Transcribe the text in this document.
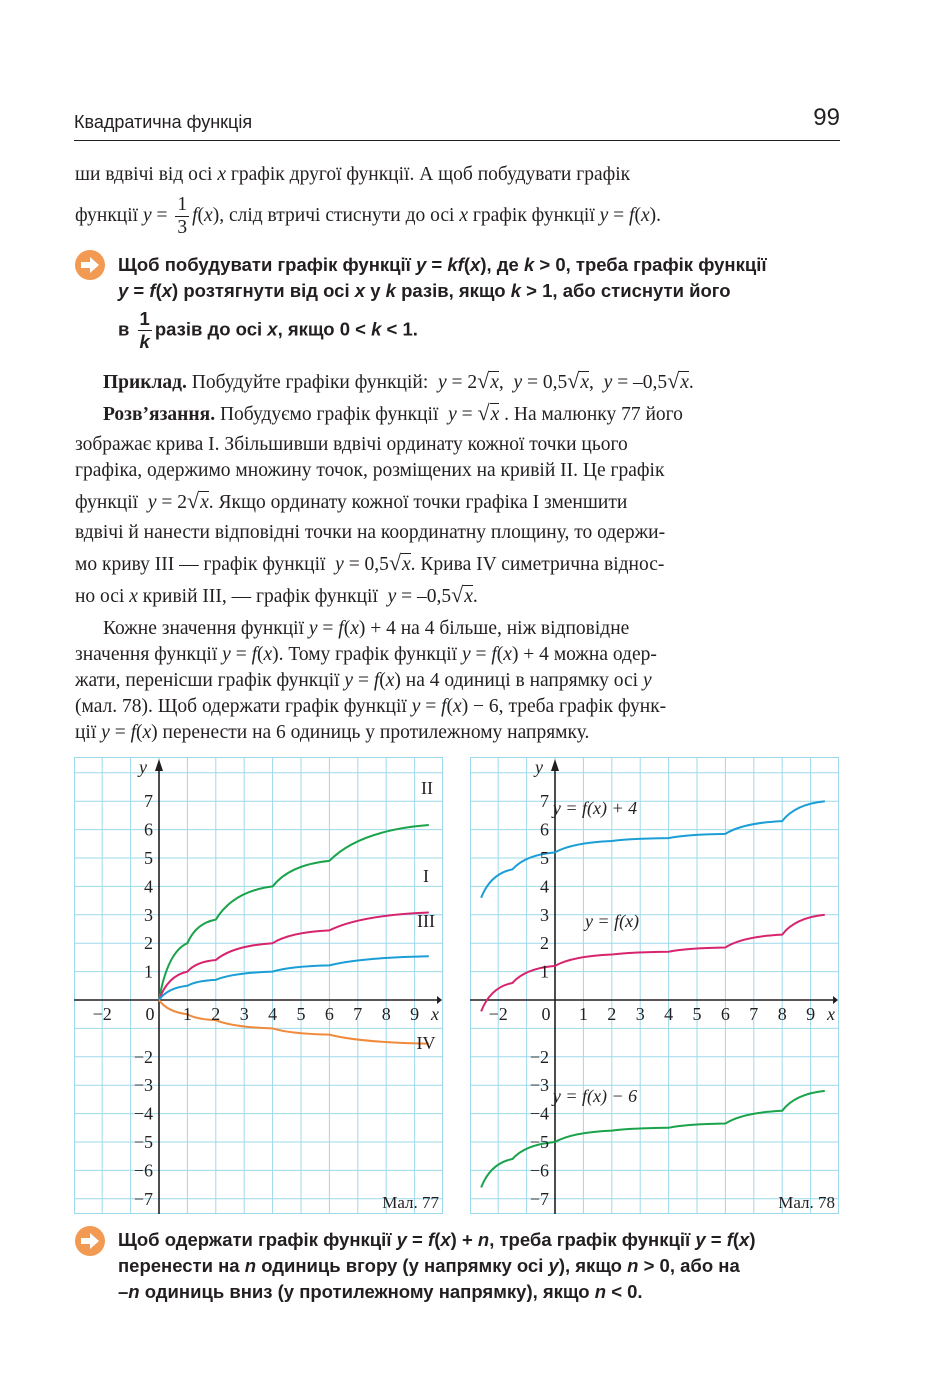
Квадратична функція	99

ши вдвічі від осі x графік другої функції. А щоб побудувати графік

функції $y = \frac{1}{3} f(x)$, слід втричі стиснути до осі x графік функції y = f(x).

Щоб побудувати графік функції y = kf(x), де k > 0, треба графік функції
y = f(x) розтягнути від осі x у k разів, якщо k > 1, або стиснути його
в $\frac{1}{k}$ разів до осі x, якщо 0 < k < 1.

Приклад. Побудуйте графіки функцій: y = 2√x,  y = 0,5√x,  y = –0,5√x.

Розв’язання. Побудуємо графік функції y = √x . На малюнку 77 його

зображає крива I. Збільшивши вдвічі ординату кожної точки цього

графіка, одержимо множину точок, розміщених на кривій II. Це графік

функції y = 2√x. Якщо ординату кожної точки графіка I зменшити

вдвічі й нанести відповідні точки на координатну площину, то одержи-

мо криву III — графік функції y = 0,5√x. Крива IV симетрична віднос-

но осі x кривій III, — графік функції y = –0,5√x.

Кожне значення функції y = f(x) + 4 на 4 більше, ніж відповідне

значення функції y = f(x). Тому графік функції y = f(x) + 4 можна одер-

жати, перенісши графік функції y = f(x) на 4 одиниці в напрямку осі y

(мал. 78). Щоб одержати графік функції y = f(x) − 6, треба графік функ-

ції y = f(x) перенести на 6 одиниць у протилежному напрямку.

II
I
III
IV
−2 0 1 2 3 4 5 6 7 8 9 x
7
6
5
4
3
2
1
−2
−3
−4
−5
−6
−7
y
Мал. 77
y = f(x) + 4
y = f(x)
y = f(x) − 6
−2 0 1 2 3 4 5 6 7 8 9 x
7
6
5
4
3
2
1
−2
−3
−4
−5
−6
−7
y
Мал. 78
Щоб одержати графік функції y = f(x) + n, треба графік функції y = f(x)
перенести на n одиниць вгору (у напрямку осі y), якщо n > 0, або на
–n одиниць вниз (у протилежному напрямку), якщо n < 0.
